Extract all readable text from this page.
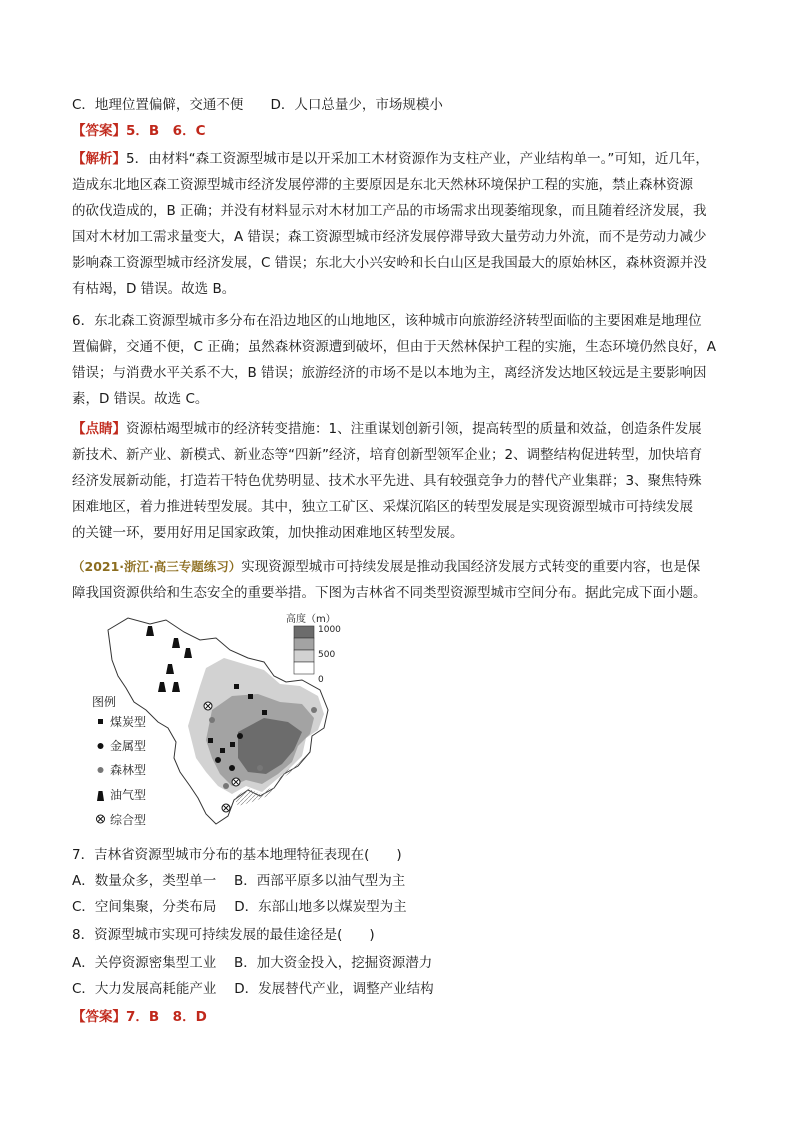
C．地理位置偏僻，交通不便　　 D．人口总量少，市场规模小
【答案】5．B　6．C
【解析】5．由材料“森工资源型城市是以开采加工木材资源作为支柱产业，产业结构单一。”可知，近几年，
造成东北地区森工资源型城市经济发展停滞的主要原因是东北天然林环境保护工程的实施，禁止森林资源
的砍伐造成的，B 正确；并没有材料显示对木材加工产品的市场需求出现萎缩现象，而且随着经济发展，我
国对木材加工需求量变大，A 错误；森工资源型城市经济发展停滞导致大量劳动力外流，而不是劳动力减少
影响森工资源型城市经济发展，C 错误；东北大小兴安岭和长白山区是我国最大的原始林区，森林资源并没
有枯竭，D 错误。故选 B。
6．东北森工资源型城市多分布在沿边地区的山地地区，该种城市向旅游经济转型面临的主要困难是地理位
置偏僻，交通不便，C 正确；虽然森林资源遭到破坏，但由于天然林保护工程的实施，生态环境仍然良好，A
错误；与消费水平关系不大，B 错误；旅游经济的市场不是以本地为主，离经济发达地区较远是主要影响因
素，D 错误。故选 C。
【点睛】资源枯竭型城市的经济转变措施：1、注重谋划创新引领，提高转型的质量和效益，创造条件发展
新技术、新产业、新模式、新业态等“四新”经济，培育创新型领军企业；2、调整结构促进转型，加快培育
经济发展新动能，打造若干特色优势明显、技术水平先进、具有较强竞争力的替代产业集群；3、聚焦特殊
困难地区，着力推进转型发展。其中，独立工矿区、采煤沉陷区的转型发展是实现资源型城市可持续发展
的关键一环，要用好用足国家政策，加快推动困难地区转型发展。
（2021·浙江·高三专题练习）实现资源型城市可持续发展是推动我国经济发展方式转变的重要内容，也是保
障我国资源供给和生态安全的重要举措。下图为吉林省不同类型资源型城市空间分布。据此完成下面小题。
高度（m）
1000
500
0
图例
煤炭型
金属型
森林型
油气型
综合型
7．吉林省资源型城市分布的基本地理特征表现在(　　)
A．数量众多，类型单一　 B．西部平原多以油气型为主
C．空间集聚，分类布局　 D．东部山地多以煤炭型为主
8．资源型城市实现可持续发展的最佳途径是(　　)
A．关停资源密集型工业　 B．加大资金投入，挖掘资源潜力
C．大力发展高耗能产业　 D．发展替代产业，调整产业结构
【答案】7．B　8．D
